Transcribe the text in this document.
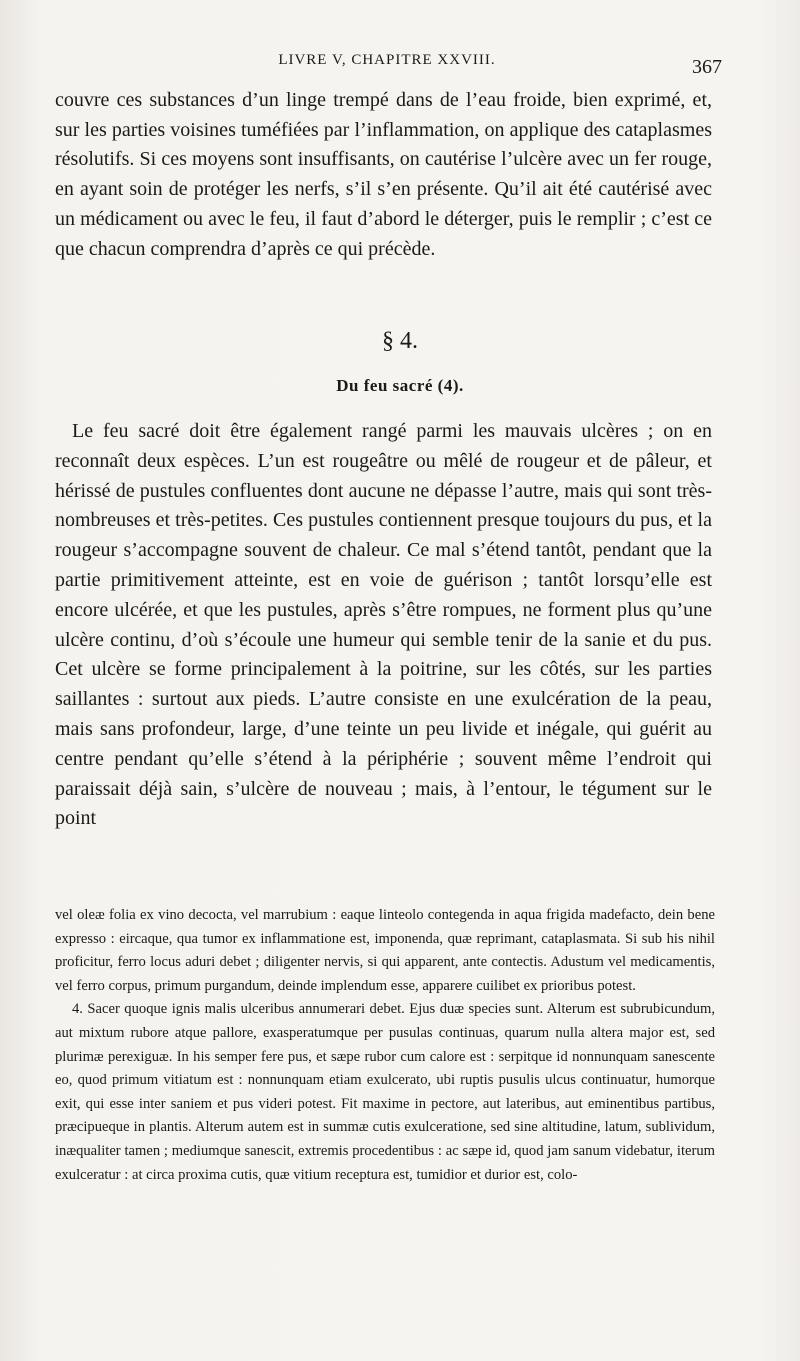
LIVRE V, CHAPITRE XXVIII.	367

couvre ces substances d’un linge trempé dans de l’eau froide, bien exprimé, et, sur les parties voisines tuméfiées par l’inflammation, on applique des cataplasmes résolutifs. Si ces moyens sont insuffisants, on cautérise l’ulcère avec un fer rouge, en ayant soin de protéger les nerfs, s’il s’en présente. Qu’il ait été cautérisé avec un médicament ou avec le feu, il faut d’abord le déterger, puis le remplir ; c’est ce que chacun comprendra d’après ce qui précède.

§ 4.
Du feu sacré (4).

Le feu sacré doit être également rangé parmi les mauvais ulcères ; on en reconnaît deux espèces. L’un est rougeâtre ou mêlé de rougeur et de pâleur, et hérissé de pustules confluentes dont aucune ne dépasse l’autre, mais qui sont très-nombreuses et très-petites. Ces pustules contiennent presque toujours du pus, et la rougeur s’accompagne souvent de chaleur. Ce mal s’étend tantôt, pendant que la partie primitivement atteinte, est en voie de guérison ; tantôt lorsqu’elle est encore ulcérée, et que les pustules, après s’être rompues, ne forment plus qu’une ulcère continu, d’où s’écoule une humeur qui semble tenir de la sanie et du pus. Cet ulcère se forme principalement à la poitrine, sur les côtés, sur les parties saillantes : surtout aux pieds. L’autre consiste en une exulcération de la peau, mais sans profondeur, large, d’une teinte un peu livide et inégale, qui guérit au centre pendant qu’elle s’étend à la périphérie ; souvent même l’endroit qui paraissait déjà sain, s’ulcère de nouveau ; mais, à l’entour, le tégument sur le point

vel oleæ folia ex vino decocta, vel marrubium : eaque linteolo contegenda in aqua frigida madefacto, dein bene expresso : eircaque, qua tumor ex inflammatione est, imponenda, quæ reprimant, cataplasmata. Si sub his nihil proficitur, ferro locus aduri debet ; diligenter nervis, si qui apparent, ante contectis. Adustum vel medicamentis, vel ferro corpus, primum purgandum, deinde implendum esse, apparere cuilibet ex prioribus potest.

4. Sacer quoque ignis malis ulceribus annumerari debet. Ejus duæ species sunt. Alterum est subrubicundum, aut mixtum rubore atque pallore, exasperatumque per pusulas continuas, quarum nulla altera major est, sed plurimæ perexiguæ. In his semper fere pus, et sæpe rubor cum calore est : serpitque id nonnunquam sanescente eo, quod primum vitiatum est : nonnunquam etiam exulcerato, ubi ruptis pusulis ulcus continuatur, humorque exit, qui esse inter saniem et pus videri potest. Fit maxime in pectore, aut lateribus, aut eminentibus partibus, præcipueque in plantis. Alterum autem est in summæ cutis exulceratione, sed sine altitudine, latum, sublividum, inæqualiter tamen ; mediumque sanescit, extremis procedentibus : ac sæpe id, quod jam sanum videbatur, iterum exulceratur : at circa proxima cutis, quæ vitium receptura est, tumidior et durior est, colo-
